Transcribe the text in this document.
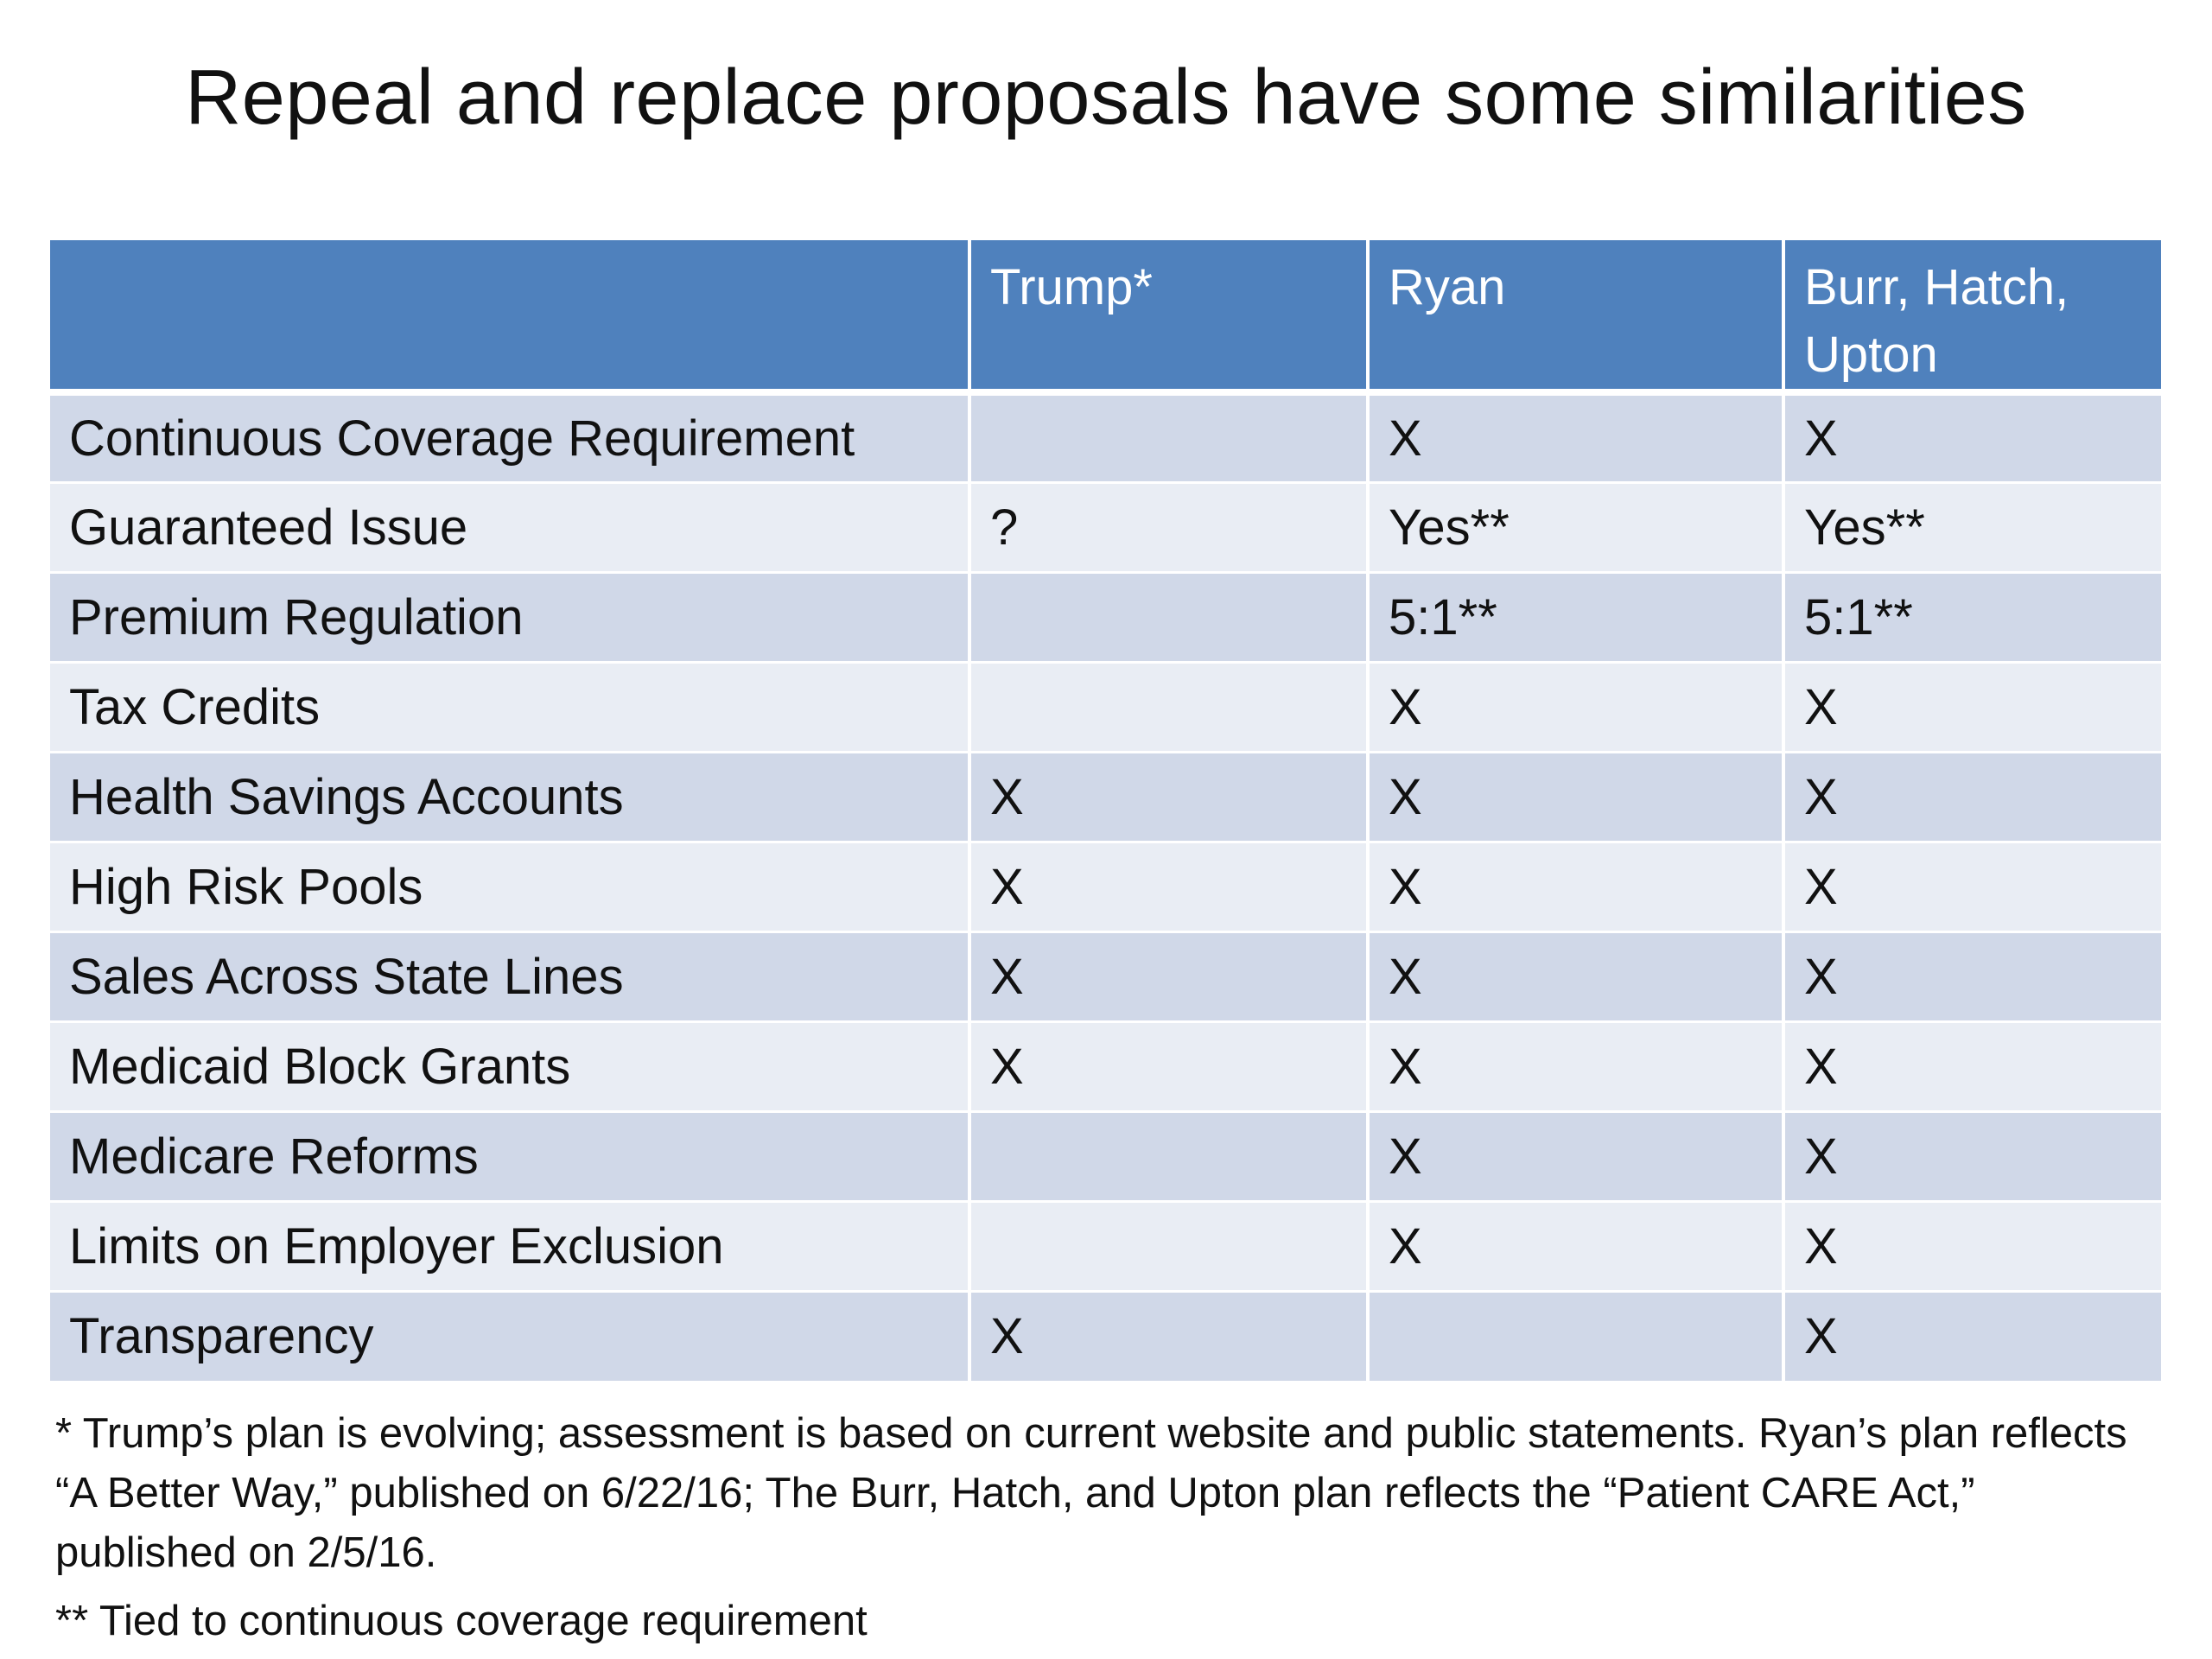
Repeal and replace proposals have some similarities
	Trump*	Ryan	Burr, Hatch, Upton
Continuous Coverage Requirement		X	X
Guaranteed Issue	?	Yes**	Yes**
Premium Regulation		5:1**	5:1**
Tax Credits		X	X
Health Savings Accounts	X	X	X
High Risk Pools	X	X	X
Sales Across State Lines	X	X	X
Medicaid Block Grants	X	X	X
Medicare Reforms		X	X
Limits on Employer Exclusion		X	X
Transparency	X		X

* Trump’s plan is evolving; assessment is based on current website and public statements. Ryan’s plan reflects “A Better Way,” published on 6/22/16; The Burr, Hatch, and Upton plan reflects the “Patient CARE Act,” published on 2/5/16.

** Tied to continuous coverage requirement
